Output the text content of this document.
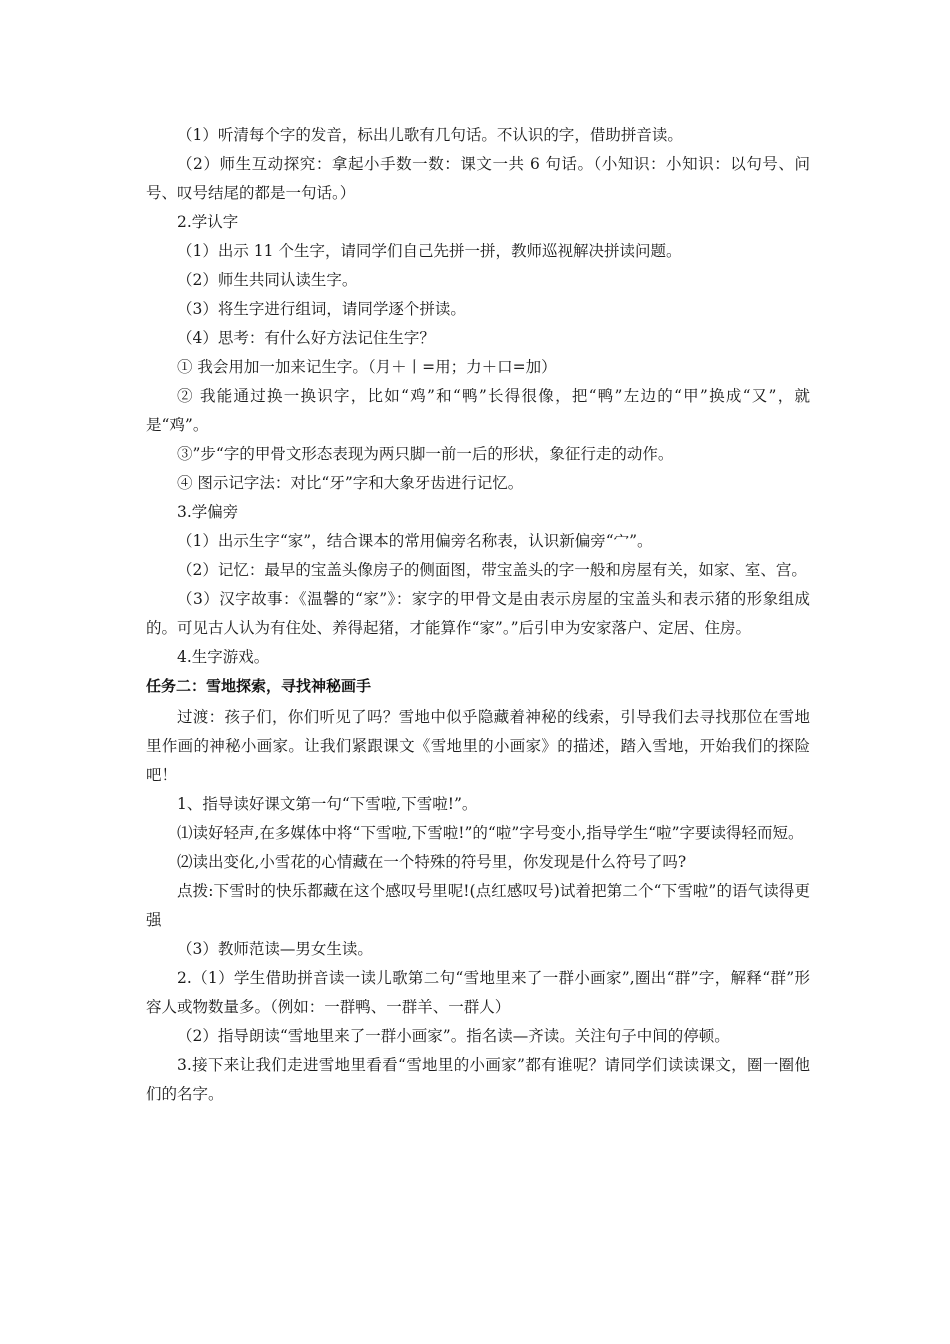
（1）听清每个字的发音，标出儿歌有几句话。不认识的字，借助拼音读。

（2）师生互动探究：拿起小手数一数：课文一共 6 句话。（小知识：小知识：以句号、问号、叹号结尾的都是一句话。）

2.学认字

（1）出示 11 个生字，请同学们自己先拼一拼，教师巡视解决拼读问题。

（2）师生共同认读生字。

（3）将生字进行组词，请同学逐个拼读。

（4）思考：有什么好方法记住生字？

① 我会用加一加来记生字。（月＋丨=用；力＋口=加）

② 我能通过换一换识字，比如“鸡”和“鸭”长得很像，把“鸭”左边的“甲”换成“又”，就是“鸡”。

③”步“字的甲骨文形态表现为两只脚一前一后的形状，象征行走的动作。

④ 图示记字法：对比“牙”字和大象牙齿进行记忆。

3.学偏旁

（1）出示生字“家”，结合课本的常用偏旁名称表，认识新偏旁“宀”。

（2）记忆：最早的宝盖头像房子的侧面图，带宝盖头的字一般和房屋有关，如家、室、宫。

（3）汉字故事：《温馨的“家”》：家字的甲骨文是由表示房屋的宝盖头和表示猪的形象组成的。可见古人认为有住处、养得起猪，才能算作“家”。”后引申为安家落户、定居、住房。

4.生字游戏。

任务二：雪地探索，寻找神秘画手

过渡：孩子们，你们听见了吗？雪地中似乎隐藏着神秘的线索，引导我们去寻找那位在雪地里作画的神秘小画家。让我们紧跟课文《雪地里的小画家》的描述，踏入雪地，开始我们的探险吧！

1、指导读好课文第一句“下雪啦,下雪啦!”。

⑴读好轻声,在多媒体中将“下雪啦,下雪啦!”的“啦”字号变小,指导学生“啦”字要读得轻而短。

⑵读出变化,小雪花的心情藏在一个特殊的符号里，你发现是什么符号了吗?

点拨:下雪时的快乐都藏在这个感叹号里呢!(点红感叹号)试着把第二个“下雪啦”的语气读得更强

（3）教师范读—男女生读。

2.（1）学生借助拼音读一读儿歌第二句“雪地里来了一群小画家”,圈出“群”字，解释“群”形容人或物数量多。（例如：一群鸭、一群羊、一群人）

（2）指导朗读“雪地里来了一群小画家”。指名读—齐读。关注句子中间的停顿。

3.接下来让我们走进雪地里看看“雪地里的小画家”都有谁呢？请同学们读读课文，圈一圈他们的名字。
